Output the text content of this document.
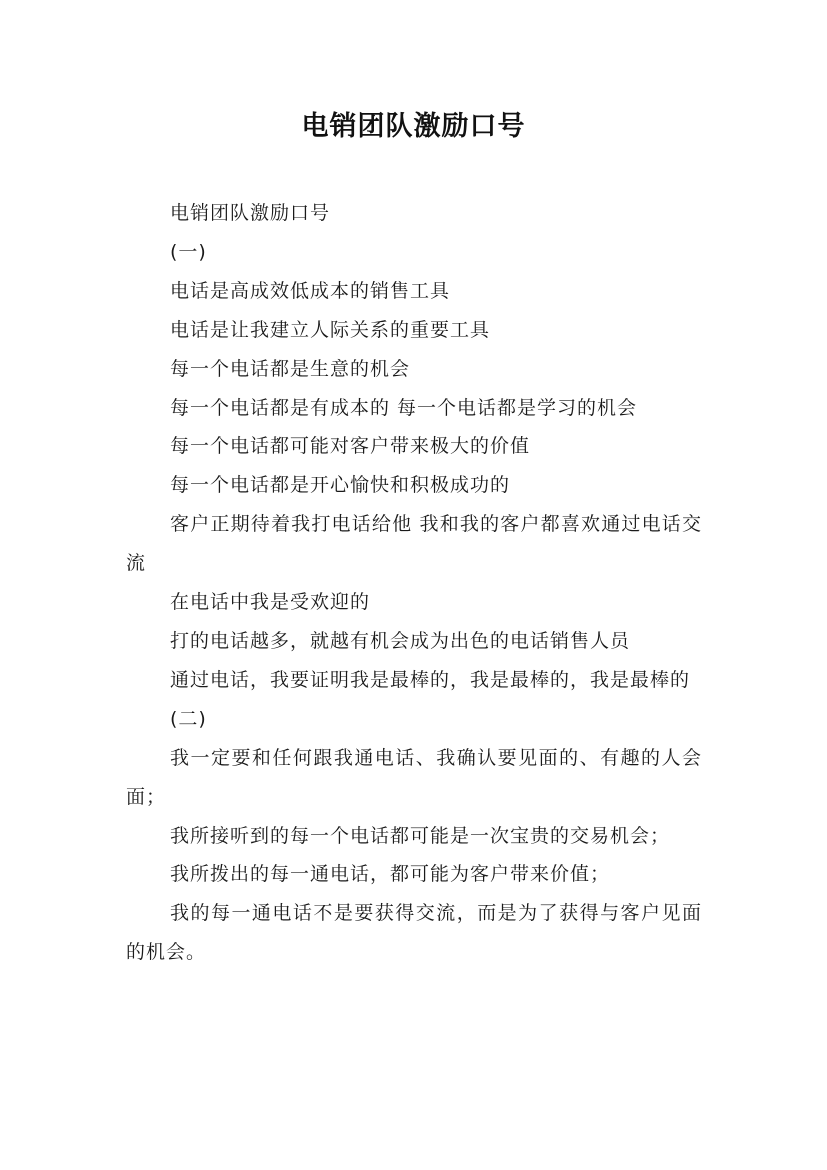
电销团队激励口号

电销团队激励口号

(一)

电话是高成效低成本的销售工具

电话是让我建立人际关系的重要工具

每一个电话都是生意的机会

每一个电话都是有成本的 每一个电话都是学习的机会

每一个电话都可能对客户带来极大的价值

每一个电话都是开心愉快和积极成功的

客户正期待着我打电话给他 我和我的客户都喜欢通过电话交流

在电话中我是受欢迎的

打的电话越多，就越有机会成为出色的电话销售人员

通过电话，我要证明我是最棒的，我是最棒的，我是最棒的

(二)

我一定要和任何跟我通电话、我确认要见面的、有趣的人会面；

我所接听到的每一个电话都可能是一次宝贵的交易机会；

我所拨出的每一通电话，都可能为客户带来价值；

我的每一通电话不是要获得交流，而是为了获得与客户见面的机会。
